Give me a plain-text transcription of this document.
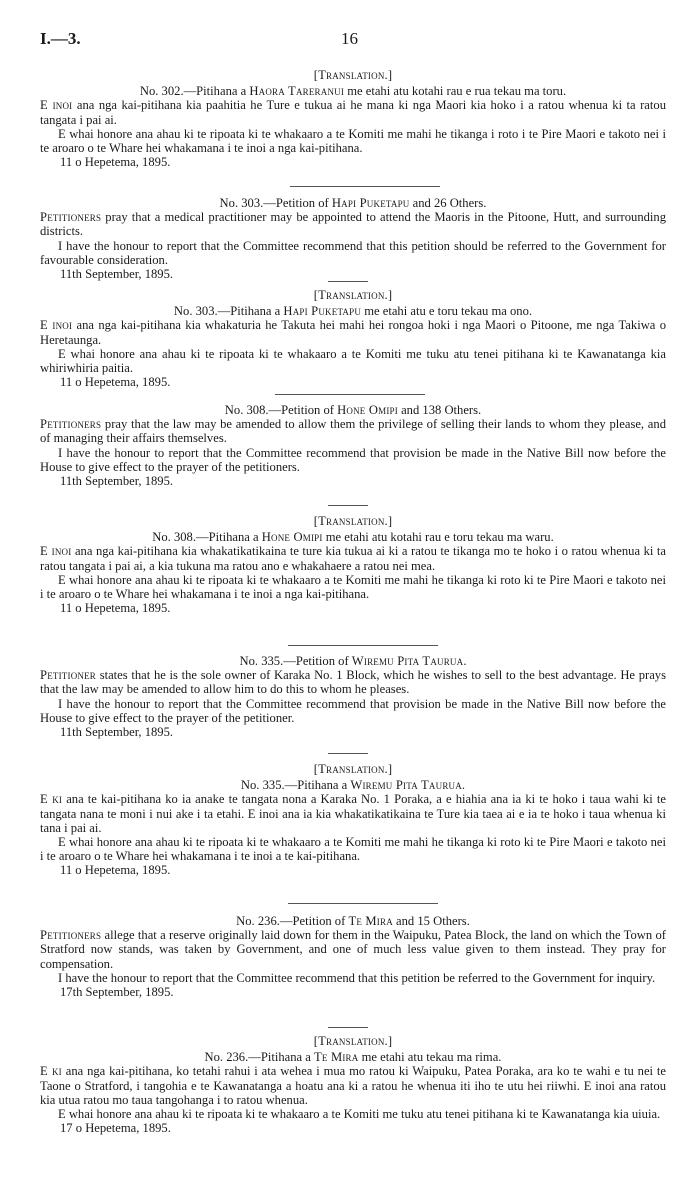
I.—3.	16

[Translation.]

No. 302.—Pitihana a Haora Tareranui me etahi atu kotahi rau e rua tekau ma toru.

E inoi ana nga kai-pitihana kia paahitia he Ture e tukua ai he mana ki nga Maori kia hoko i a ratou whenua ki ta ratou tangata i pai ai.

E whai honore ana ahau ki te ripoata ki te whakaaro a te Komiti me mahi he tikanga i roto i te Pire Maori e takoto nei i te aroaro o te Whare hei whakamana i te inoi a nga kai-pitihana.

11 o Hepetema, 1895.

No. 303.—Petition of Hapi Puketapu and 26 Others.

Petitioners pray that a medical practitioner may be appointed to attend the Maoris in the Pitoone, Hutt, and surrounding districts.

I have the honour to report that the Committee recommend that this petition should be referred to the Government for favourable consideration.

11th September, 1895.

[Translation.]

No. 303.—Pitihana a Hapi Puketapu me etahi atu e toru tekau ma ono.

E inoi ana nga kai-pitihana kia whakaturia he Takuta hei mahi hei rongoa hoki i nga Maori o Pitoone, me nga Takiwa o Heretaunga.

E whai honore ana ahau ki te ripoata ki te whakaaro a te Komiti me tuku atu tenei pitihana ki te Kawanatanga kia whiriwhiria paitia.

11 o Hepetema, 1895.

No. 308.—Petition of Hone Omipi and 138 Others.

Petitioners pray that the law may be amended to allow them the privilege of selling their lands to whom they please, and of managing their affairs themselves.

I have the honour to report that the Committee recommend that provision be made in the Native Bill now before the House to give effect to the prayer of the petitioners.

11th September, 1895.

[Translation.]

No. 308.—Pitihana a Hone Omipi me etahi atu kotahi rau e toru tekau ma waru.

E inoi ana nga kai-pitihana kia whakatikatikaina te ture kia tukua ai ki a ratou te tikanga mo te hoko i o ratou whenua ki ta ratou tangata i pai ai, a kia tukuna ma ratou ano e whakahaere a ratou nei mea.

E whai honore ana ahau ki te ripoata ki te whakaaro a te Komiti me mahi he tikanga ki roto ki te Pire Maori e takoto nei i te aroaro o te Whare hei whakamana i te inoi a nga kai-pitihana.

11 o Hepetema, 1895.

No. 335.—Petition of Wiremu Pita Taurua.

Petitioner states that he is the sole owner of Karaka No. 1 Block, which he wishes to sell to the best advantage. He prays that the law may be amended to allow him to do this to whom he pleases.

I have the honour to report that the Committee recommend that provision be made in the Native Bill now before the House to give effect to the prayer of the petitioner.

11th September, 1895.

[Translation.]

No. 335.—Pitihana a Wiremu Pita Taurua.

E ki ana te kai-pitihana ko ia anake te tangata nona a Karaka No. 1 Poraka, a e hiahia ana ia ki te hoko i taua wahi ki te tangata nana te moni i nui ake i ta etahi. E inoi ana ia kia whakatikatikaina te Ture kia taea ai e ia te hoko i taua whenua ki tana i pai ai.

E whai honore ana ahau ki te ripoata ki te whakaaro a te Komiti me mahi he tikanga ki roto ki te Pire Maori e takoto nei i te aroaro o te Whare hei whakamana i te inoi a te kai-pitihana.

11 o Hepetema, 1895.

No. 236.—Petition of Te Mira and 15 Others.

Petitioners allege that a reserve originally laid down for them in the Waipuku, Patea Block, the land on which the Town of Stratford now stands, was taken by Government, and one of much less value given to them instead. They pray for compensation.

I have the honour to report that the Committee recommend that this petition be referred to the Government for inquiry.

17th September, 1895.

[Translation.]

No. 236.—Pitihana a Te Mira me etahi atu tekau ma rima.

E ki ana nga kai-pitihana, ko tetahi rahui i ata wehea i mua mo ratou ki Waipuku, Patea Poraka, ara ko te wahi e tu nei te Taone o Stratford, i tangohia e te Kawanatanga a hoatu ana ki a ratou he whenua iti iho te utu hei riiwhi. E inoi ana ratou kia utua ratou mo taua tangohanga i to ratou whenua.

E whai honore ana ahau ki te ripoata ki te whakaaro a te Komiti me tuku atu tenei pitihana ki te Kawanatanga kia uiuia.

17 o Hepetema, 1895.
